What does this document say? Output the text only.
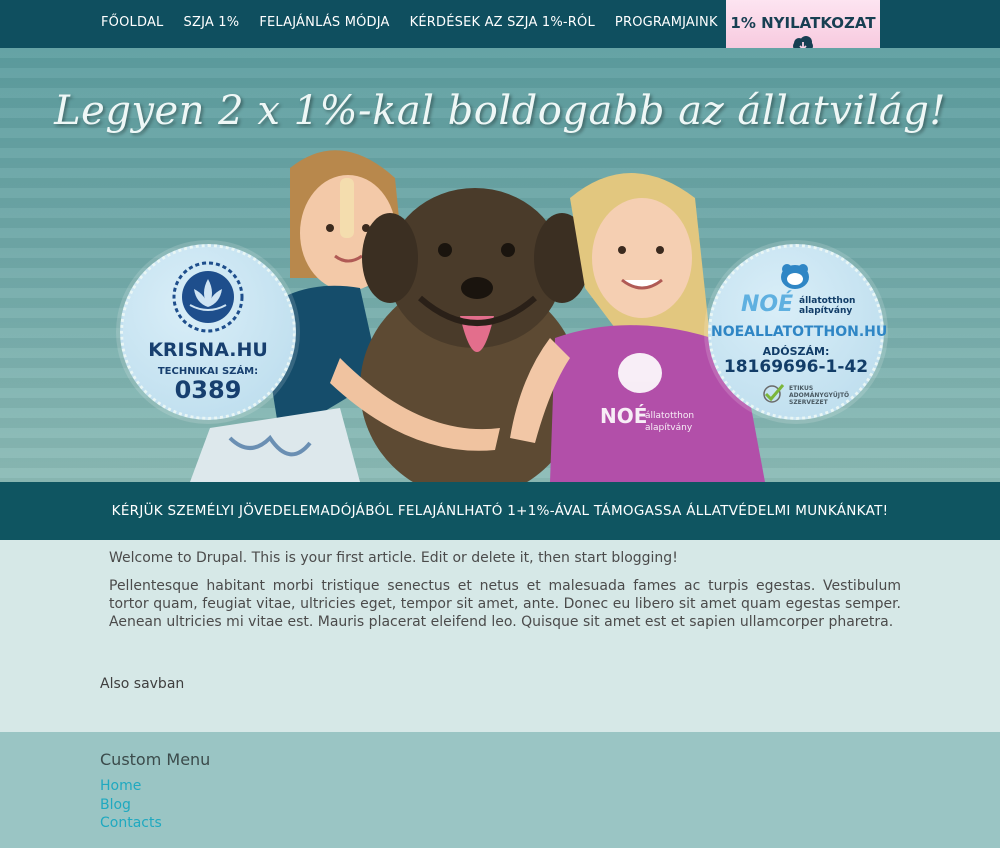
FŐOLDAL SZJA 1% FELAJÁNLÁS MÓDJA KÉRDÉSEK AZ SZJA 1%-RÓL PROGRAMJAINK 1% NYILATKOZAT
Legyen 2 x 1%-kal boldogabb az állatvilág!
NOÉ
állatotthon
alapítvány
KRISNA.HU
TECHNIKAI SZÁM:
0389
NOÉ állatotthon
alapítvány
NOEALLATOTTHON.HU
ADÓSZÁM:
18169696-1-42
ETIKUS ADOMÁNYGYŰJTŐ SZERVEZET
KÉRJÜK SZEMÉLYI JÖVEDELEMADÓJÁBÓL FELAJÁNLHATÓ 1+1%-ÁVAL TÁMOGASSA ÁLLATVÉDELMI MUNKÁNKAT!

Welcome to Drupal. This is your first article. Edit or delete it, then start blogging!

Pellentesque habitant morbi tristique senectus et netus et malesuada fames ac turpis egestas. Vestibulum tortor quam, feugiat vitae, ultricies eget, tempor sit amet, ante. Donec eu libero sit amet quam egestas semper. Aenean ultricies mi vitae est. Mauris placerat eleifend leo. Quisque sit amet est et sapien ullamcorper pharetra.

Also savban

Custom Menu
Home
Blog
Contacts
